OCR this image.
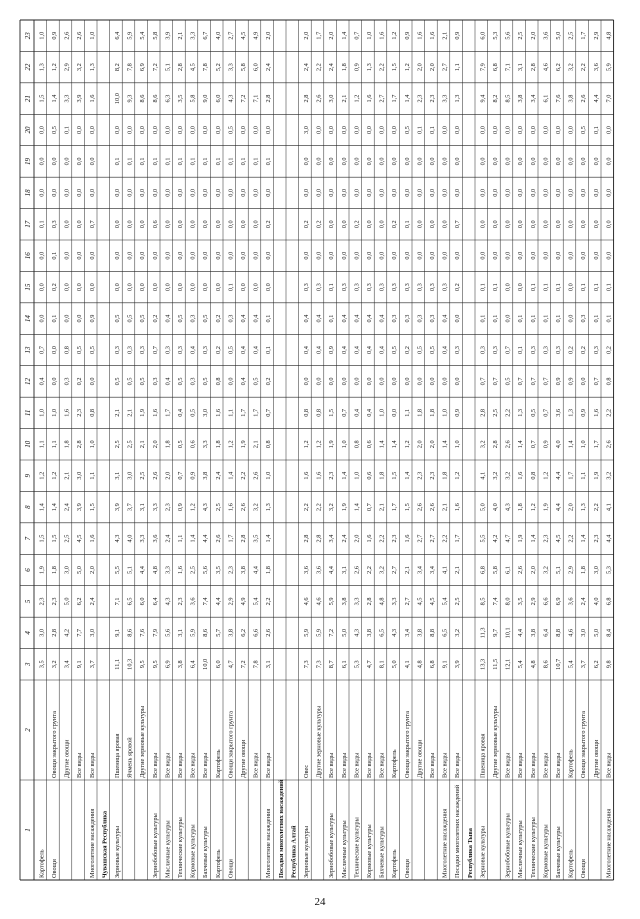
1
2
3
4
5
6
7
8
9
10
11
12
13
14
15
16
17
18
19
20
21
22
23
Картофель
3,5
3,0
2,3
1,9
1,5
1,4
1,2
1,1
1,0
0,4
0,7
0,0
0,0
0,0
0,1
0,0
0,0
0,0
1,5
1,3
1,0
Овощи
Овощи закрытого грунта
3,2
2,8
2,3
1,8
1,5
1,4
1,2
1,1
1,0
0,0
0,0
0,1
0,2
0,1
0,3
0,0
0,0
0,5
1,4
1,2
0,9
Другие овощи
3,4
4,2
5,0
3,0
2,5
2,4
2,1
1,8
1,6
0,3
0,8
0,0
0,0
0,0
0,0
0,0
0,0
0,1
3,3
2,9
2,6
Все виды
9,1
7,7
6,2
5,0
4,5
3,9
3,0
2,8
2,3
0,2
0,5
0,0
0,0
0,0
0,0
0,0
0,0
0,0
3,9
3,2
2,6
Многолетние насаждения
Все виды
3,7
3,0
2,4
2,0
1,6
1,5
1,1
1,0
0,8
0,0
0,5
0,9
0,0
0,0
0,7
0,0
0,0
0,0
1,6
1,3
1,0
Чувашская Республика Зерновые культуры
Пшеница яровая
11,1
9,1
7,1
5,5
4,3
3,9
3,1
2,5
2,1
0,5
0,3
0,5
0,0
0,0
0,0
0,0
0,1
0,0
10,0
8,2
6,4
Ячмень яровой
10,3
8,6
6,5
5,1
4,0
3,7
3,0
2,5
2,1
0,5
0,3
0,5
0,0
0,0
0,0
0,0
0,1
0,0
9,3
7,8
5,9
Другие зерновые культуры
9,5
7,6
6,0
4,4
3,3
3,1
2,5
2,1
1,9
0,5
0,3
0,5
0,0
0,0
0,0
0,0
0,1
0,0
8,6
6,9
5,4
Зернобобовые культуры
Все виды
9,5
7,9
6,4
4,8
3,6
3,3
2,6
2,0
1,6
0,3
0,7
0,2
0,0
0,0
0,6
0,0
0,1
0,0
8,6
7,2
5,8
Масличные культуры
Все виды
6,9
5,6
4,3
3,3
2,4
2,3
2,0
1,8
1,7
0,4
0,3
0,4
0,0
0,0
0,0
0,0
0,1
0,0
6,3
5,1
3,9
Технические культуры
Все виды
3,8
3,1
2,3
1,6
1,1
0,9
0,7
0,5
0,4
0,5
0,3
0,5
0,0
0,0
0,0
0,0
0,1
0,0
3,5
2,8
2,1
Кормовые культуры
Все виды
6,4
5,9
3,6
2,5
1,4
1,2
0,9
0,6
0,5
0,3
0,4
0,3
0,0
0,0
0,0
0,0
0,1
0,0
5,8
4,5
3,3
Бахчевые культуры
Все виды
10,0
8,6
7,4
5,6
4,4
4,3
3,8
3,3
3,0
0,5
0,3
0,5
0,0
0,0
0,0
0,0
0,1
0,0
9,0
7,8
6,7
Картофель
Картофель
6,0
5,7
4,4
3,5
2,6
2,5
2,4
1,8
1,6
0,8
0,2
0,2
0,0
0,0
0,0
0,0
0,1
0,0
6,0
5,2
4,0
Овощи
Овощи закрытого грунта
4,7
3,8
2,9
2,3
1,7
1,6
1,4
1,2
1,1
0,0
0,5
0,3
0,1
0,0
0,0
0,0
0,1
0,5
4,3
3,3
2,7
Другие овощи
7,2
6,2
4,9
3,8
2,8
2,6
2,2
1,9
1,7
0,4
0,4
0,4
0,0
0,0
0,0
0,0
0,1
0,0
7,2
5,8
4,5
Все виды
7,8
6,6
5,4
4,4
3,5
3,2
2,6
2,1
1,7
0,5
0,4
0,4
0,0
0,0
0,0
0,0
0,1
0,0
7,1
6,0
4,9
Многолетние насаждения
Все виды
3,1
2,6
2,2
1,8
1,4
1,3
1,0
0,8
0,7
0,2
0,1
0,1
0,0
0,0
0,2
0,0
0,1
0,0
2,8
2,4
2,0
Посадки многолетних насаждений Республика Алтай Зерновые культуры
Овес
7,3
5,9
4,6
3,6
2,8
2,2
1,6
1,2
0,8
0,0
0,4
0,4
0,3
0,0
0,2
0,0
0,0
3,0
2,8
2,4
2,0
Другие зерновые культуры
7,3
5,9
4,6
3,6
2,8
2,2
1,6
1,2
0,8
0,0
0,4
0,4
0,3
0,0
0,2
0,0
0,0
0,0
2,6
2,2
1,7
Зернобобовые культуры
Все виды
8,7
7,2
5,9
4,4
3,4
3,2
2,3
1,9
1,5
0,0
0,9
0,1
0,1
0,0
0,0
0,0
0,0
0,0
3,0
2,4
2,0
Масличные культуры
Все виды
6,1
5,0
3,8
3,1
2,4
1,9
1,4
1,0
0,7
0,0
0,4
0,4
0,3
0,0
0,0
0,0
0,0
0,0
2,1
1,8
1,4
Технические культуры
Все виды
5,3
4,3
3,3
2,6
2,0
1,4
1,0
0,8
0,4
0,0
0,4
0,4
0,3
0,0
0,2
0,0
0,0
0,0
1,2
0,9
0,7
Кормовые культуры
Все виды
4,7
3,8
2,8
2,2
1,6
0,7
0,6
0,6
0,4
0,0
0,4
0,4
0,3
0,0
0,0
0,0
0,0
0,0
1,6
1,3
1,0
Бахчевые культуры
Все виды
8,1
6,5
4,8
3,2
2,2
2,1
1,8
1,4
1,0
0,0
0,4
0,4
0,3
0,0
0,0
0,0
0,0
0,0
2,7
2,2
1,6
Картофель
Картофель
5,0
4,3
3,3
2,7
2,3
1,7
1,5
1,4
0,0
0,0
0,5
0,3
0,3
0,0
0,2
0,0
0,0
0,0
1,7
1,5
1,2
Овощи
Овощи закрытого грунта
4,1
3,4
2,7
2,1
1,6
1,5
1,4
1,2
1,1
0,0
0,2
0,3
0,3
0,0
0,1
0,0
0,0
0,5
1,4
1,2
0,9
Другие овощи
4,8
3,8
4,5
3,4
2,7
2,6
2,3
2,0
1,8
0,0
0,5
0,3
0,3
0,0
0,0
0,0
0,0
0,1
2,3
2,0
1,6
Все виды
6,8
8,8
4,5
3,4
2,7
2,6
2,3
2,0
1,8
0,0
0,5
0,3
0,3
0,0
0,0
0,0
0,0
0,1
2,3
2,0
1,6
Многолетние насаждения
Все виды
9,1
6,5
5,4
4,1
2,2
2,1
1,8
1,4
1,0
0,0
0,4
0,4
0,3
0,0
0,0
0,0
0,0
0,0
3,3
2,7
2,1
Посадки многолетних насаждений
Все виды
3,9
3,2
2,5
2,1
1,7
1,6
1,2
1,0
0,9
0,0
0,3
0,0
0,2
0,0
0,7
0,0
0,0
0,0
1,3
1,1
0,9
Республика Тыва Зерновые культуры
Пшеница яровая
13,3
11,3
8,5
6,8
5,5
5,0
4,1
3,2
2,8
0,7
0,3
0,1
0,1
0,0
0,0
0,0
0,0
0,0
9,4
7,9
6,0
Другие зерновые культуры
11,5
9,7
7,4
5,8
4,2
4,0
3,2
2,8
2,5
0,7
0,3
0,1
0,1
0,0
0,0
0,0
0,0
0,0
8,2
6,8
5,3
Зернобобовые культуры
Все виды
12,1
10,1
8,0
6,1
4,7
4,3
3,2
2,6
2,2
0,5
0,7
0,0
0,0
0,0
0,0
0,0
0,0
0,0
8,5
7,1
5,6
Масличные культуры
Все виды
5,4
4,4
3,5
2,6
1,9
1,8
1,6
1,4
1,3
0,7
0,1
0,1
0,0
0,0
0,0
0,0
0,0
0,0
3,8
3,1
2,5
Технические культуры
Все виды
4,8
3,8
2,9
2,0
1,4
1,2
0,8
0,7
0,5
0,7
0,3
0,1
0,1
0,0
0,0
0,0
0,0
0,0
3,4
2,8
2,0
Кормовые культуры
Все виды
8,6
6,4
6,6
3,2
2,3
1,9
1,2
0,9
0,7
0,7
0,3
0,1
0,1
0,0
0,0
0,0
0,0
0,0
6,1
4,6
3,6
Бахчевые культуры
Все виды
10,7
8,8
6,9
5,1
4,5
4,4
4,4
4,0
3,6
0,9
0,3
0,1
0,1
0,0
0,0
0,0
0,0
0,0
7,6
6,2
5,0
Картофель
Картофель
5,4
4,6
3,6
2,9
2,2
2,0
1,7
1,4
1,3
0,9
0,2
0,0
0,0
0,0
0,0
0,0
0,0
0,0
3,8
3,2
2,5
Овощи
Овощи закрытого грунта
3,7
3,0
2,4
1,8
1,4
1,3
1,1
1,0
0,9
0,0
0,2
0,3
0,1
0,0
0,0
0,0
0,0
0,5
2,6
2,2
1,7
Другие овощи
6,2
5,0
4,0
3,0
2,3
2,2
1,9
1,7
1,6
0,7
0,3
0,1
0,1
0,0
0,0
0,0
0,0
0,1
4,4
3,6
2,9
Многолетние насаждения
Все виды
9,8
8,4
6,8
5,3
4,4
4,1
3,2
2,6
2,2
0,8
0,2
0,1
0,1
0,0
0,0
0,0
0,0
0,0
7,0
5,9
4,8
24
